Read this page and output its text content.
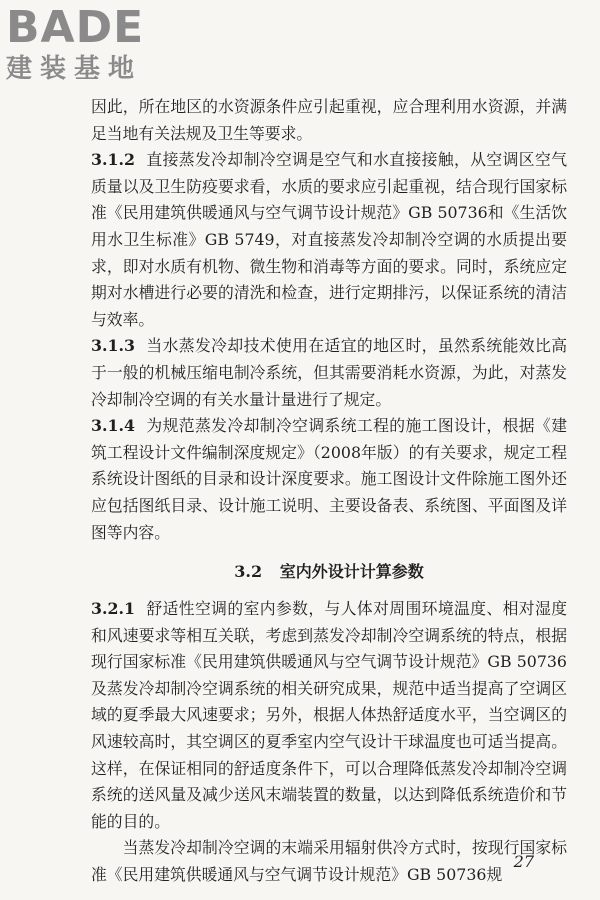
BADE
建装基地

因此，所在地区的水资源条件应引起重视，应合理利用水资源，并满足当地有关法规及卫生等要求。

3.1.2 直接蒸发冷却制冷空调是空气和水直接接触，从空调区空气质量以及卫生防疫要求看，水质的要求应引起重视，结合现行国家标准《民用建筑供暖通风与空气调节设计规范》GB 50736和《生活饮用水卫生标准》GB 5749，对直接蒸发冷却制冷空调的水质提出要求，即对水质有机物、微生物和消毒等方面的要求。同时，系统应定期对水槽进行必要的清洗和检查，进行定期排污，以保证系统的清洁与效率。

3.1.3 当水蒸发冷却技术使用在适宜的地区时，虽然系统能效比高于一般的机械压缩电制冷系统，但其需要消耗水资源，为此，对蒸发冷却制冷空调的有关水量计量进行了规定。

3.1.4 为规范蒸发冷却制冷空调系统工程的施工图设计，根据《建筑工程设计文件编制深度规定》（2008年版）的有关要求，规定工程系统设计图纸的目录和设计深度要求。施工图设计文件除施工图外还应包括图纸目录、设计施工说明、主要设备表、系统图、平面图及详图等内容。

3.2 室内外设计计算参数

3.2.1 舒适性空调的室内参数，与人体对周围环境温度、相对湿度和风速要求等相互关联，考虑到蒸发冷却制冷空调系统的特点，根据现行国家标准《民用建筑供暖通风与空气调节设计规范》GB 50736及蒸发冷却制冷空调系统的相关研究成果，规范中适当提高了空调区域的夏季最大风速要求；另外，根据人体热舒适度水平，当空调区的风速较高时，其空调区的夏季室内空气设计干球温度也可适当提高。这样，在保证相同的舒适度条件下，可以合理降低蒸发冷却制冷空调系统的送风量及减少送风末端装置的数量，以达到降低系统造价和节能的目的。

当蒸发冷却制冷空调的末端采用辐射供冷方式时，按现行国家标准《民用建筑供暖通风与空气调节设计规范》GB 50736规

27
